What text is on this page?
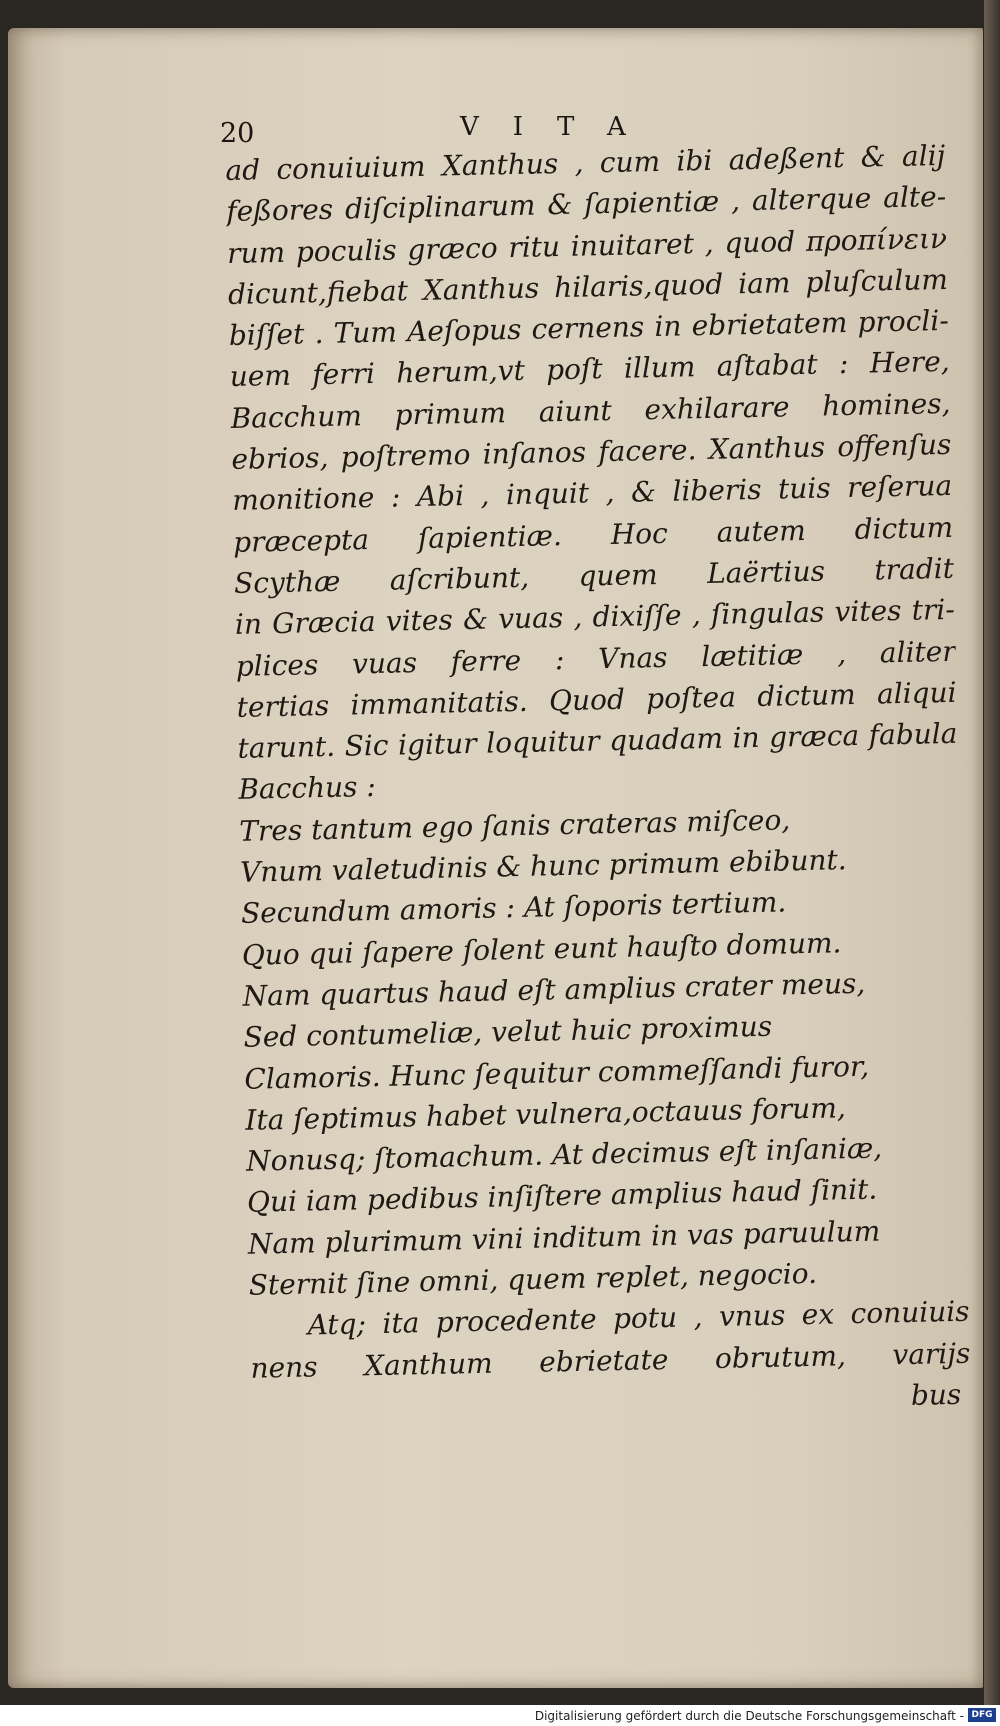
20	VITA
ad conuiuium Xanthus , cum ibi adeßent & alij
feßores diſciplinarum & ſapientiæ , alterque alte-
rum poculis græco ritu inuitaret , quod προπίνειν
dicunt,fiebat Xanthus hilaris,quod iam pluſculum
biſſet . Tum Aeſopus cernens in ebrietatem procli-
uem ferri herum,vt poſt illum aſtabat : Here,
Bacchum primum aiunt exhilarare homines,
ebrios, poſtremo inſanos facere. Xanthus offenſus
monitione : Abi , inquit , & liberis tuis reſerua
præcepta ſapientiæ. Hoc autem dictum
Scythæ aſcribunt, quem Laërtius tradit
in Græcia vites & vuas , dixiſſe , ſingulas vites tri-
plices vuas ferre : Vnas lætitiæ , aliter
tertias immanitatis. Quod poſtea dictum aliqui
tarunt. Sic igitur loquitur quadam in græca fabula
Bacchus :
Tres tantum ego ſanis crateras miſceo,
Vnum valetudinis & hunc primum ebibunt.
Secundum amoris : At ſoporis tertium.
Quo qui ſapere ſolent eunt hauſto domum.
Nam quartus haud eſt amplius crater meus,
Sed contumeliæ, velut huic proximus
Clamoris. Hunc ſequitur commeſſandi furor,
Ita ſeptimus habet vulnera,octauus forum,
Nonusq; ſtomachum. At decimus eſt inſaniæ,
Qui iam pedibus inſiſtere amplius haud ſinit.
Nam plurimum vini inditum in vas paruulum
Sternit ſine omni, quem replet, negocio.
Atq; ita procedente potu , vnus ex conuiuis
nens Xanthum ebrietate obrutum, varijs
bus
Digitalisierung gefördert durch die Deutsche Forschungsgemeinschaft - DFG
